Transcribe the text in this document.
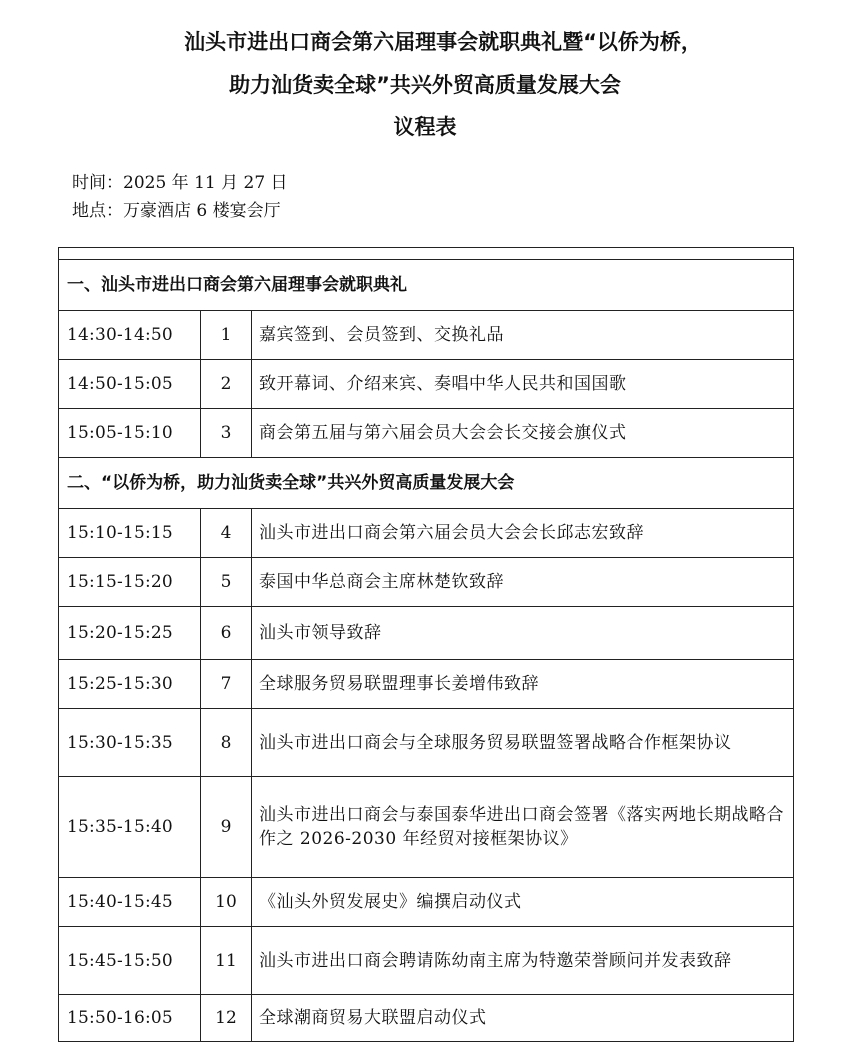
汕头市进出口商会第六届理事会就职典礼暨“以侨为桥，
助力汕货卖全球”共兴外贸高质量发展大会
议程表
时间：2025 年 11 月 27 日
地点：万豪酒店 6 楼宴会厅

一、汕头市进出口商会第六届理事会就职典礼		
14:30-14:50	1	嘉宾签到、会员签到、交换礼品
14:50-15:05	2	致开幕词、介绍来宾、奏唱中华人民共和国国歌
15:05-15:10	3	商会第五届与第六届会员大会会长交接会旗仪式
二、“以侨为桥，助力汕货卖全球”共兴外贸高质量发展大会		
15:10-15:15	4	汕头市进出口商会第六届会员大会会长邱志宏致辞
15:15-15:20	5	泰国中华总商会主席林楚钦致辞
15:20-15:25	6	汕头市领导致辞
15:25-15:30	7	全球服务贸易联盟理事长姜增伟致辞
15:30-15:35	8	汕头市进出口商会与全球服务贸易联盟签署战略合作框架协议
15:35-15:40	9	汕头市进出口商会与泰国泰华进出口商会签署《落实两地长期战略合作之 2026-2030 年经贸对接框架协议》
15:40-15:45	10	《汕头外贸发展史》编撰启动仪式
15:45-15:50	11	汕头市进出口商会聘请陈幼南主席为特邀荣誉顾问并发表致辞
15:50-16:05	12	全球潮商贸易大联盟启动仪式
